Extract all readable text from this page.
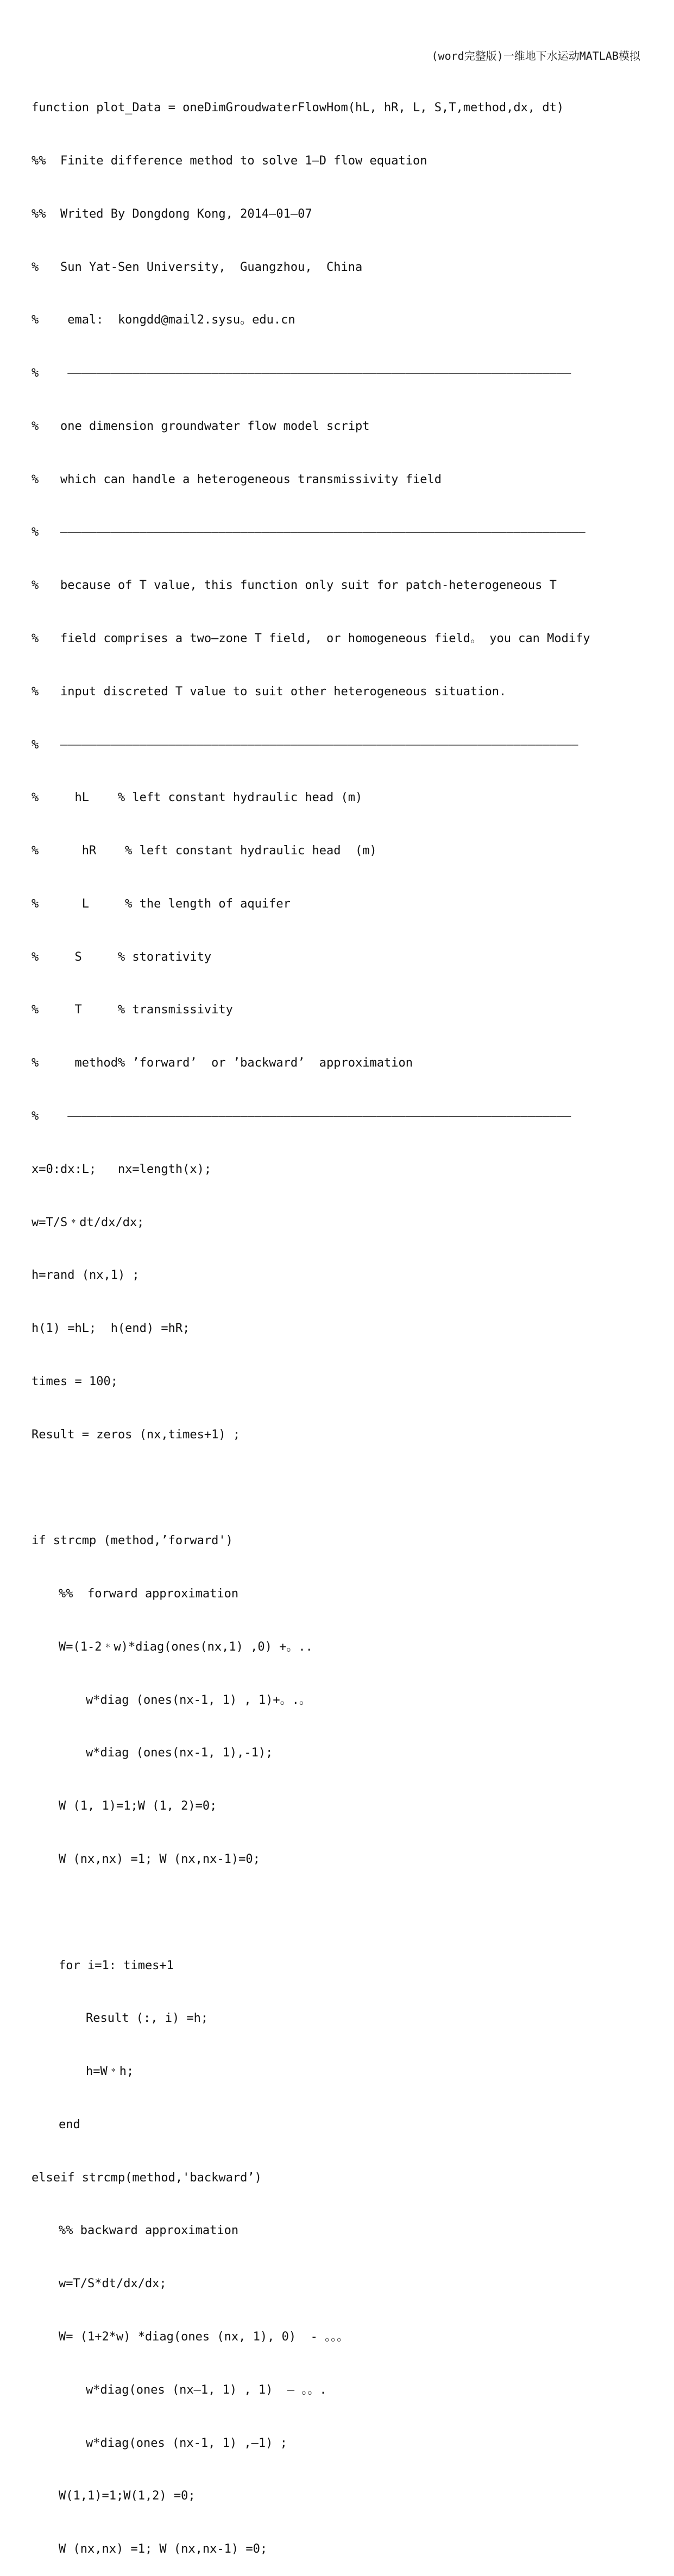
(word完整版)一维地下水运动MATLAB模拟

function plot_Data = oneDimGroudwaterFlowHom(hL, hR, L, S,T,method,dx, dt)

%%  Finite difference method to solve 1—D flow equation

%%  Writed By Dongdong Kong, 2014—01—07

%   Sun Yat-Sen University,  Guangzhou,  China

%    emal:  kongdd@mail2.sysu。edu.cn

%    ——————————————————————————————————————————————————————————————————————

%   one dimension groundwater flow model script

%   which can handle a heterogeneous transmissivity field

%   —————————————————————————————————————————————————————————————————————————

%   because of T value, this function only suit for patch-heterogeneous T

%   field comprises a two—zone T field,  or homogeneous field。 you can Modify

%   input discreted T value to suit other heterogeneous situation.

%   ————————————————————————————————————————————————————————————————————————

%     hL    % left constant hydraulic head (m)

%      hR    % left constant hydraulic head  (m)

%      L     % the length of aquifer

%     S     % storativity

%     T     % transmissivity

%     method% ’forward’  or ’backward’  approximation

%    ——————————————————————————————————————————————————————————————————————

x=0:dx:L;   nx=length(x);

w=T/S﹡dt/dx/dx;

h=rand (nx,1) ;

h(1) =hL;  h(end) =hR;

times = 100;

Result = zeros (nx,times+1) ;

if strcmp (method,’forward')

%%  forward approximation

W=(1-2﹡w)*diag(ones(nx,1) ,0) +。..

w*diag (ones(nx-1, 1) , 1)+。.。

w*diag (ones(nx-1, 1),-1);

W (1, 1)=1;W (1, 2)=0;

W (nx,nx) =1; W (nx,nx-1)=0;

for i=1: times+1

Result (:, i) =h;

h=W﹡h;

end

elseif strcmp(method,'backward’)

%% backward approximation

w=T/S*dt/dx/dx;

W= (1+2*w) *diag(ones (nx, 1), 0)  - 。。。

w*diag(ones (nx—1, 1) , 1)  — 。。.

w*diag(ones (nx-1, 1) ,—1) ;

W(1,1)=1;W(1,2) =0;

W (nx,nx) =1; W (nx,nx-1) =0;
